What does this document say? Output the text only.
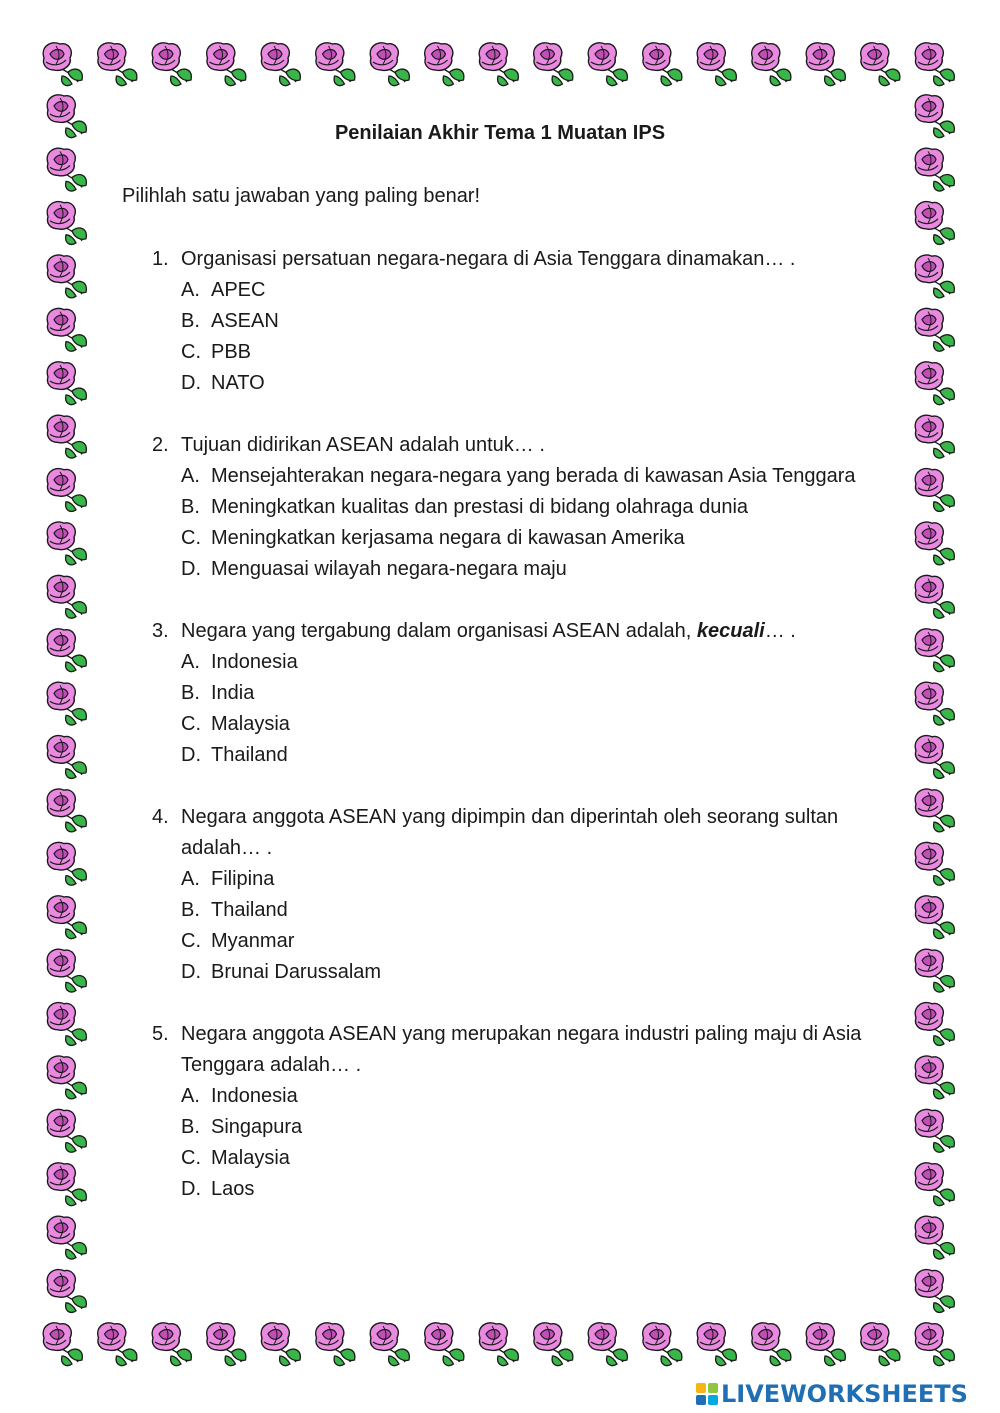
Penilaian Akhir Tema 1 Muatan IPS
Pilihlah satu jawaban yang paling benar!
1. Organisasi persatuan negara-negara di Asia Tenggara dinamakan… .
A. APEC
B. ASEAN
C. PBB
D. NATO
2. Tujuan didirikan ASEAN adalah untuk… .
A. Mensejahterakan negara-negara yang berada di kawasan Asia Tenggara
B. Meningkatkan kualitas dan prestasi di bidang olahraga dunia
C. Meningkatkan kerjasama negara di kawasan Amerika
D. Menguasai wilayah negara-negara maju
3. Negara yang tergabung dalam organisasi ASEAN adalah, kecuali… .
A. Indonesia
B. India
C. Malaysia
D. Thailand
4. Negara anggota ASEAN yang dipimpin dan diperintah oleh seorang sultan
adalah… .
A. Filipina
B. Thailand
C. Myanmar
D. Brunai Darussalam
5. Negara anggota ASEAN yang merupakan negara industri paling maju di Asia
Tenggara adalah… .
A. Indonesia
B. Singapura
C. Malaysia
D. Laos
LIVEWORKSHEETS
